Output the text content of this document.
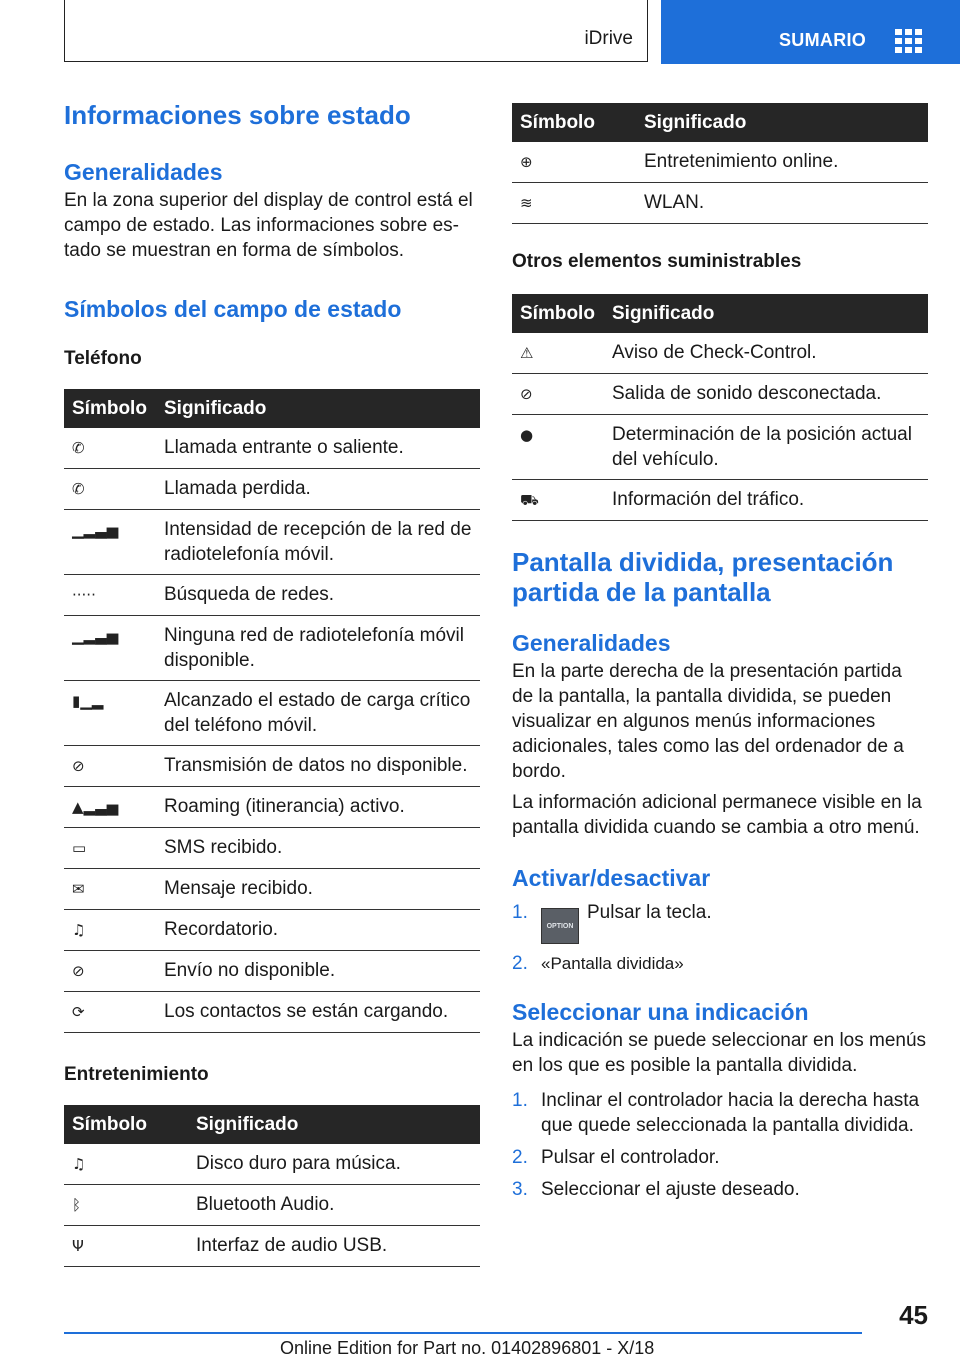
iDrive	SUMARIO
Informaciones sobre estado
Generalidades

En la zona superior del display de control está el campo de estado. Las informaciones sobre estado se muestran en forma de símbolos.

Símbolos del campo de estado
Teléfono
Símbolo	Significado
✆	Llamada entrante o saliente.
✆	Llamada perdida.
▁▂▃▅	Intensidad de recepción de la red de radiotelefonía móvil.
·····	Búsqueda de redes.
▁▂▃▅	Ninguna red de radiotelefonía móvil disponible.
▮▁▂	Alcanzado el estado de carga crítico del teléfono móvil.
⊘	Transmisión de datos no disponible.
▲▂▃▅	Roaming (itinerancia) activo.
▭	SMS recibido.
✉	Mensaje recibido.
♫	Recordatorio.
⊘	Envío no disponible.
⟳	Los contactos se están cargando.
Entretenimiento
Símbolo	Significado
♫	Disco duro para música.
ᛒ	Bluetooth Audio.
Ψ	Interfaz de audio USB.
Símbolo	Significado
⊕	Entretenimiento online.
≋	WLAN.
Otros elementos suministrables
Símbolo	Significado
⚠	Aviso de Check-Control.
⊘	Salida de sonido desconectada.
●	Determinación de la posición actual del vehículo.
⛟	Información del tráfico.
Pantalla dividida, presentación partida de la pantalla
Generalidades

En la parte derecha de la presentación partida de la pantalla, la pantalla dividida, se pueden visualizar en algunos menús informaciones adicionales, tales como las del ordenador de a bordo.

La información adicional permanece visible en la pantalla dividida cuando se cambia a otro menú.

Activar/desactivar
1.
OPTIONPulsar la tecla.
2. «Pantalla dividida»
Seleccionar una indicación

La indicación se puede seleccionar en los menús en los que es posible la pantalla dividida.

1. Inclinar el controlador hacia la derecha hasta que quede seleccionada la pantalla dividida.
2. Pulsar el controlador.
3. Seleccionar el ajuste deseado.
45
Online Edition for Part no. 01402896801 - X/18
